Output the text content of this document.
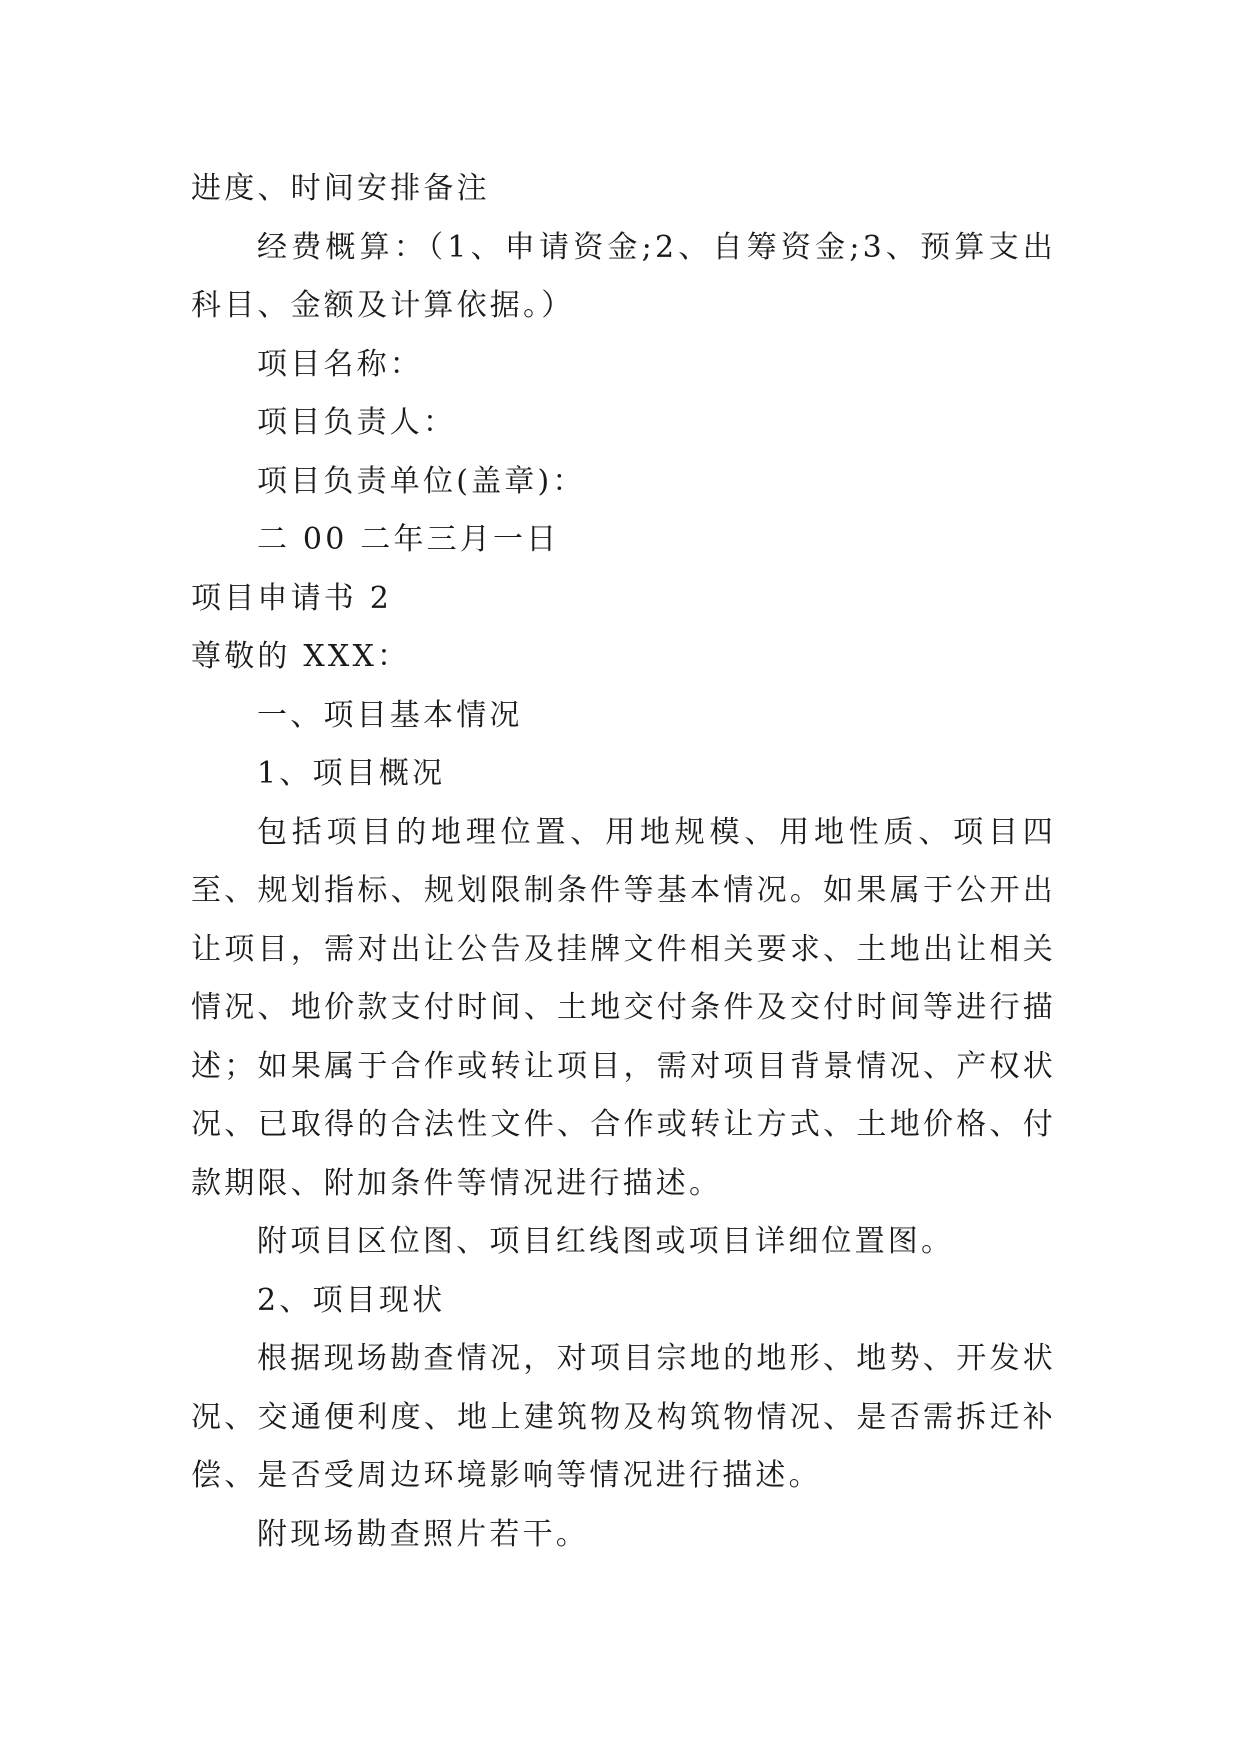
进度、时间安排备注

经费概算：（1、申请资金;2、自筹资金;3、预算支出科目、金额及计算依据。）

项目名称：

项目负责人：

项目负责单位(盖章)：

二 00 二年三月一日

项目申请书 2

尊敬的 XXX：

一、项目基本情况

1、项目概况

包括项目的地理位置、用地规模、用地性质、项目四至、规划指标、规划限制条件等基本情况。如果属于公开出让项目，需对出让公告及挂牌文件相关要求、土地出让相关情况、地价款支付时间、土地交付条件及交付时间等进行描述；如果属于合作或转让项目，需对项目背景情况、产权状况、已取得的合法性文件、合作或转让方式、土地价格、付款期限、附加条件等情况进行描述。

附项目区位图、项目红线图或项目详细位置图。

2、项目现状

根据现场勘查情况，对项目宗地的地形、地势、开发状况、交通便利度、地上建筑物及构筑物情况、是否需拆迁补偿、是否受周边环境影响等情况进行描述。

附现场勘查照片若干。
